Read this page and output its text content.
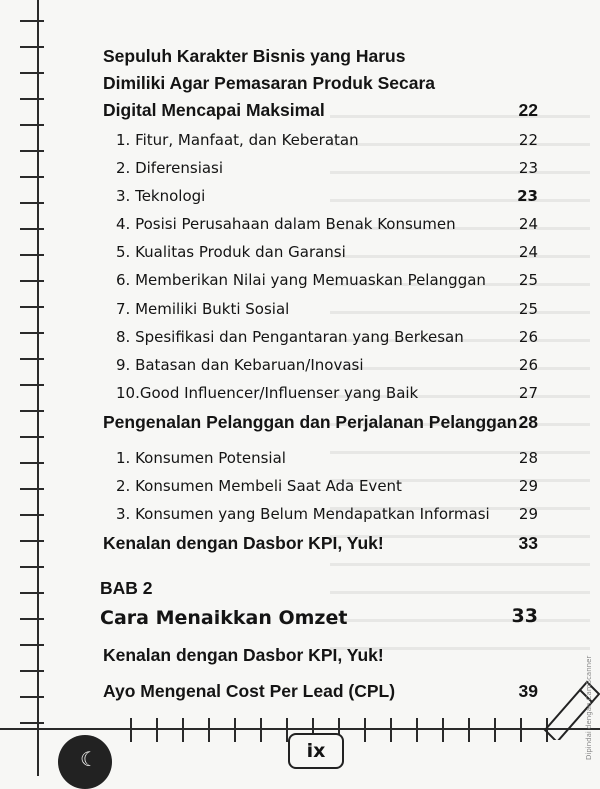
Sepuluh Karakter Bisnis yang Harus
Dimiliki Agar Pemasaran Produk Secara
Digital Mencapai Maksimal	22
1. Fitur, Manfaat, dan Keberatan	22
2. Diferensiasi	23
3. Teknologi	23
4. Posisi Perusahaan dalam Benak Konsumen	24
5. Kualitas Produk dan Garansi	24
6. Memberikan Nilai yang Memuaskan Pelanggan 25
7. Memiliki Bukti Sosial	25
8. Spesifikasi dan Pengantaran yang Berkesan	26
9. Batasan dan Kebaruan/Inovasi	26
10.Good Influencer/Influenser yang Baik	27
Pengenalan Pelanggan dan Perjalanan Pelanggan 28
1. Konsumen Potensial	28
2. Konsumen Membeli Saat Ada Event	29
3. Konsumen yang Belum Mendapatkan Informasi 29
Kenalan dengan Dasbor KPI, Yuk!	33
BAB 2
Cara Menaikkan Omzet	33
Kenalan dengan Dasbor KPI, Yuk!
Ayo Mengenal Cost Per Lead (CPL)	39
☾	ix	Dipindai dengan CamScanner
